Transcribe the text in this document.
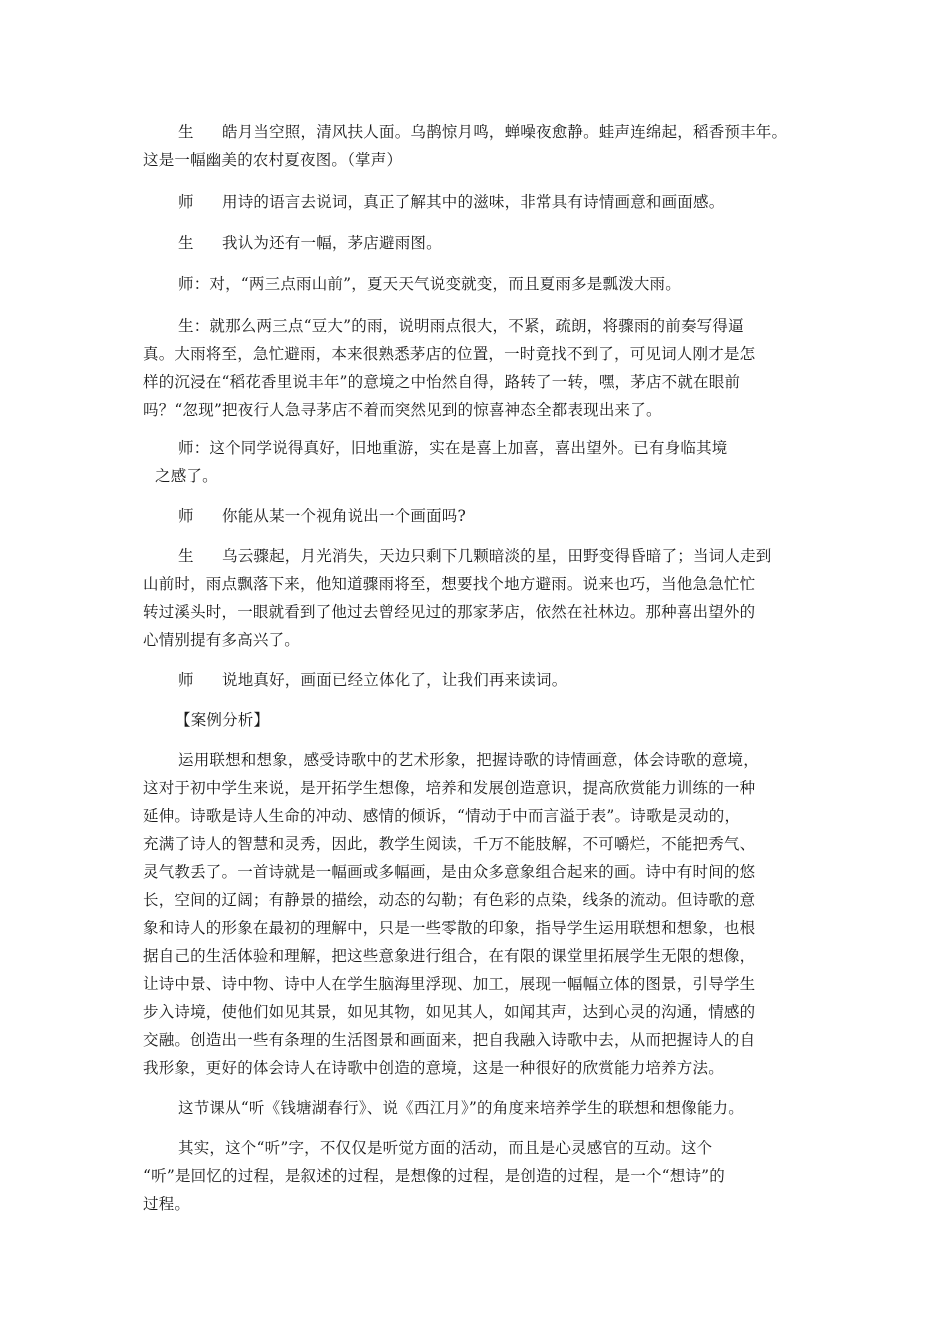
生 皓月当空照，清风扶人面。乌鹊惊月鸣，蝉噪夜愈静。蛙声连绵起，稻香预丰年。
这是一幅幽美的农村夏夜图。（掌声）
师 用诗的语言去说词，真正了解其中的滋味，非常具有诗情画意和画面感。
生 我认为还有一幅，茅店避雨图。
师：对，“两三点雨山前”，夏天天气说变就变，而且夏雨多是瓢泼大雨。
生：就那么两三点“豆大”的雨，说明雨点很大，不紧，疏朗，将骤雨的前奏写得逼
真。大雨将至，急忙避雨，本来很熟悉茅店的位置，一时竟找不到了，可见词人刚才是怎
样的沉浸在“稻花香里说丰年”的意境之中怡然自得，路转了一转，嘿，茅店不就在眼前
吗？“忽现”把夜行人急寻茅店不着而突然见到的惊喜神态全都表现出来了。
师：这个同学说得真好，旧地重游，实在是喜上加喜，喜出望外。已有身临其境
之感了。
师 你能从某一个视角说出一个画面吗?
生 乌云骤起，月光消失，天边只剩下几颗暗淡的星，田野变得昏暗了；当词人走到
山前时，雨点飘落下来，他知道骤雨将至，想要找个地方避雨。说来也巧，当他急急忙忙
转过溪头时，一眼就看到了他过去曾经见过的那家茅店，依然在社林边。那种喜出望外的
心情别提有多高兴了。
师 说地真好，画面已经立体化了，让我们再来读词。
【案例分析】
运用联想和想象，感受诗歌中的艺术形象，把握诗歌的诗情画意，体会诗歌的意境，
这对于初中学生来说，是开拓学生想像，培养和发展创造意识，提高欣赏能力训练的一种
延伸。诗歌是诗人生命的冲动、感情的倾诉，“情动于中而言溢于表”。诗歌是灵动的，
充满了诗人的智慧和灵秀，因此，教学生阅读，千万不能肢解，不可嚼烂，不能把秀气、
灵气教丢了。一首诗就是一幅画或多幅画，是由众多意象组合起来的画。诗中有时间的悠
长，空间的辽阔；有静景的描绘，动态的勾勒；有色彩的点染，线条的流动。但诗歌的意
象和诗人的形象在最初的理解中，只是一些零散的印象，指导学生运用联想和想象，也根
据自己的生活体验和理解，把这些意象进行组合，在有限的课堂里拓展学生无限的想像，
让诗中景、诗中物、诗中人在学生脑海里浮现、加工，展现一幅幅立体的图景，引导学生
步入诗境，使他们如见其景，如见其物，如见其人，如闻其声，达到心灵的沟通，情感的
交融。创造出一些有条理的生活图景和画面来，把自我融入诗歌中去，从而把握诗人的自
我形象，更好的体会诗人在诗歌中创造的意境，这是一种很好的欣赏能力培养方法。
这节课从“听《钱塘湖春行》、说《西江月》”的角度来培养学生的联想和想像能力。
其实，这个“听”字，不仅仅是听觉方面的活动，而且是心灵感官的互动。这个
“听”是回忆的过程，是叙述的过程，是想像的过程，是创造的过程，是一个“想诗”的
过程。
